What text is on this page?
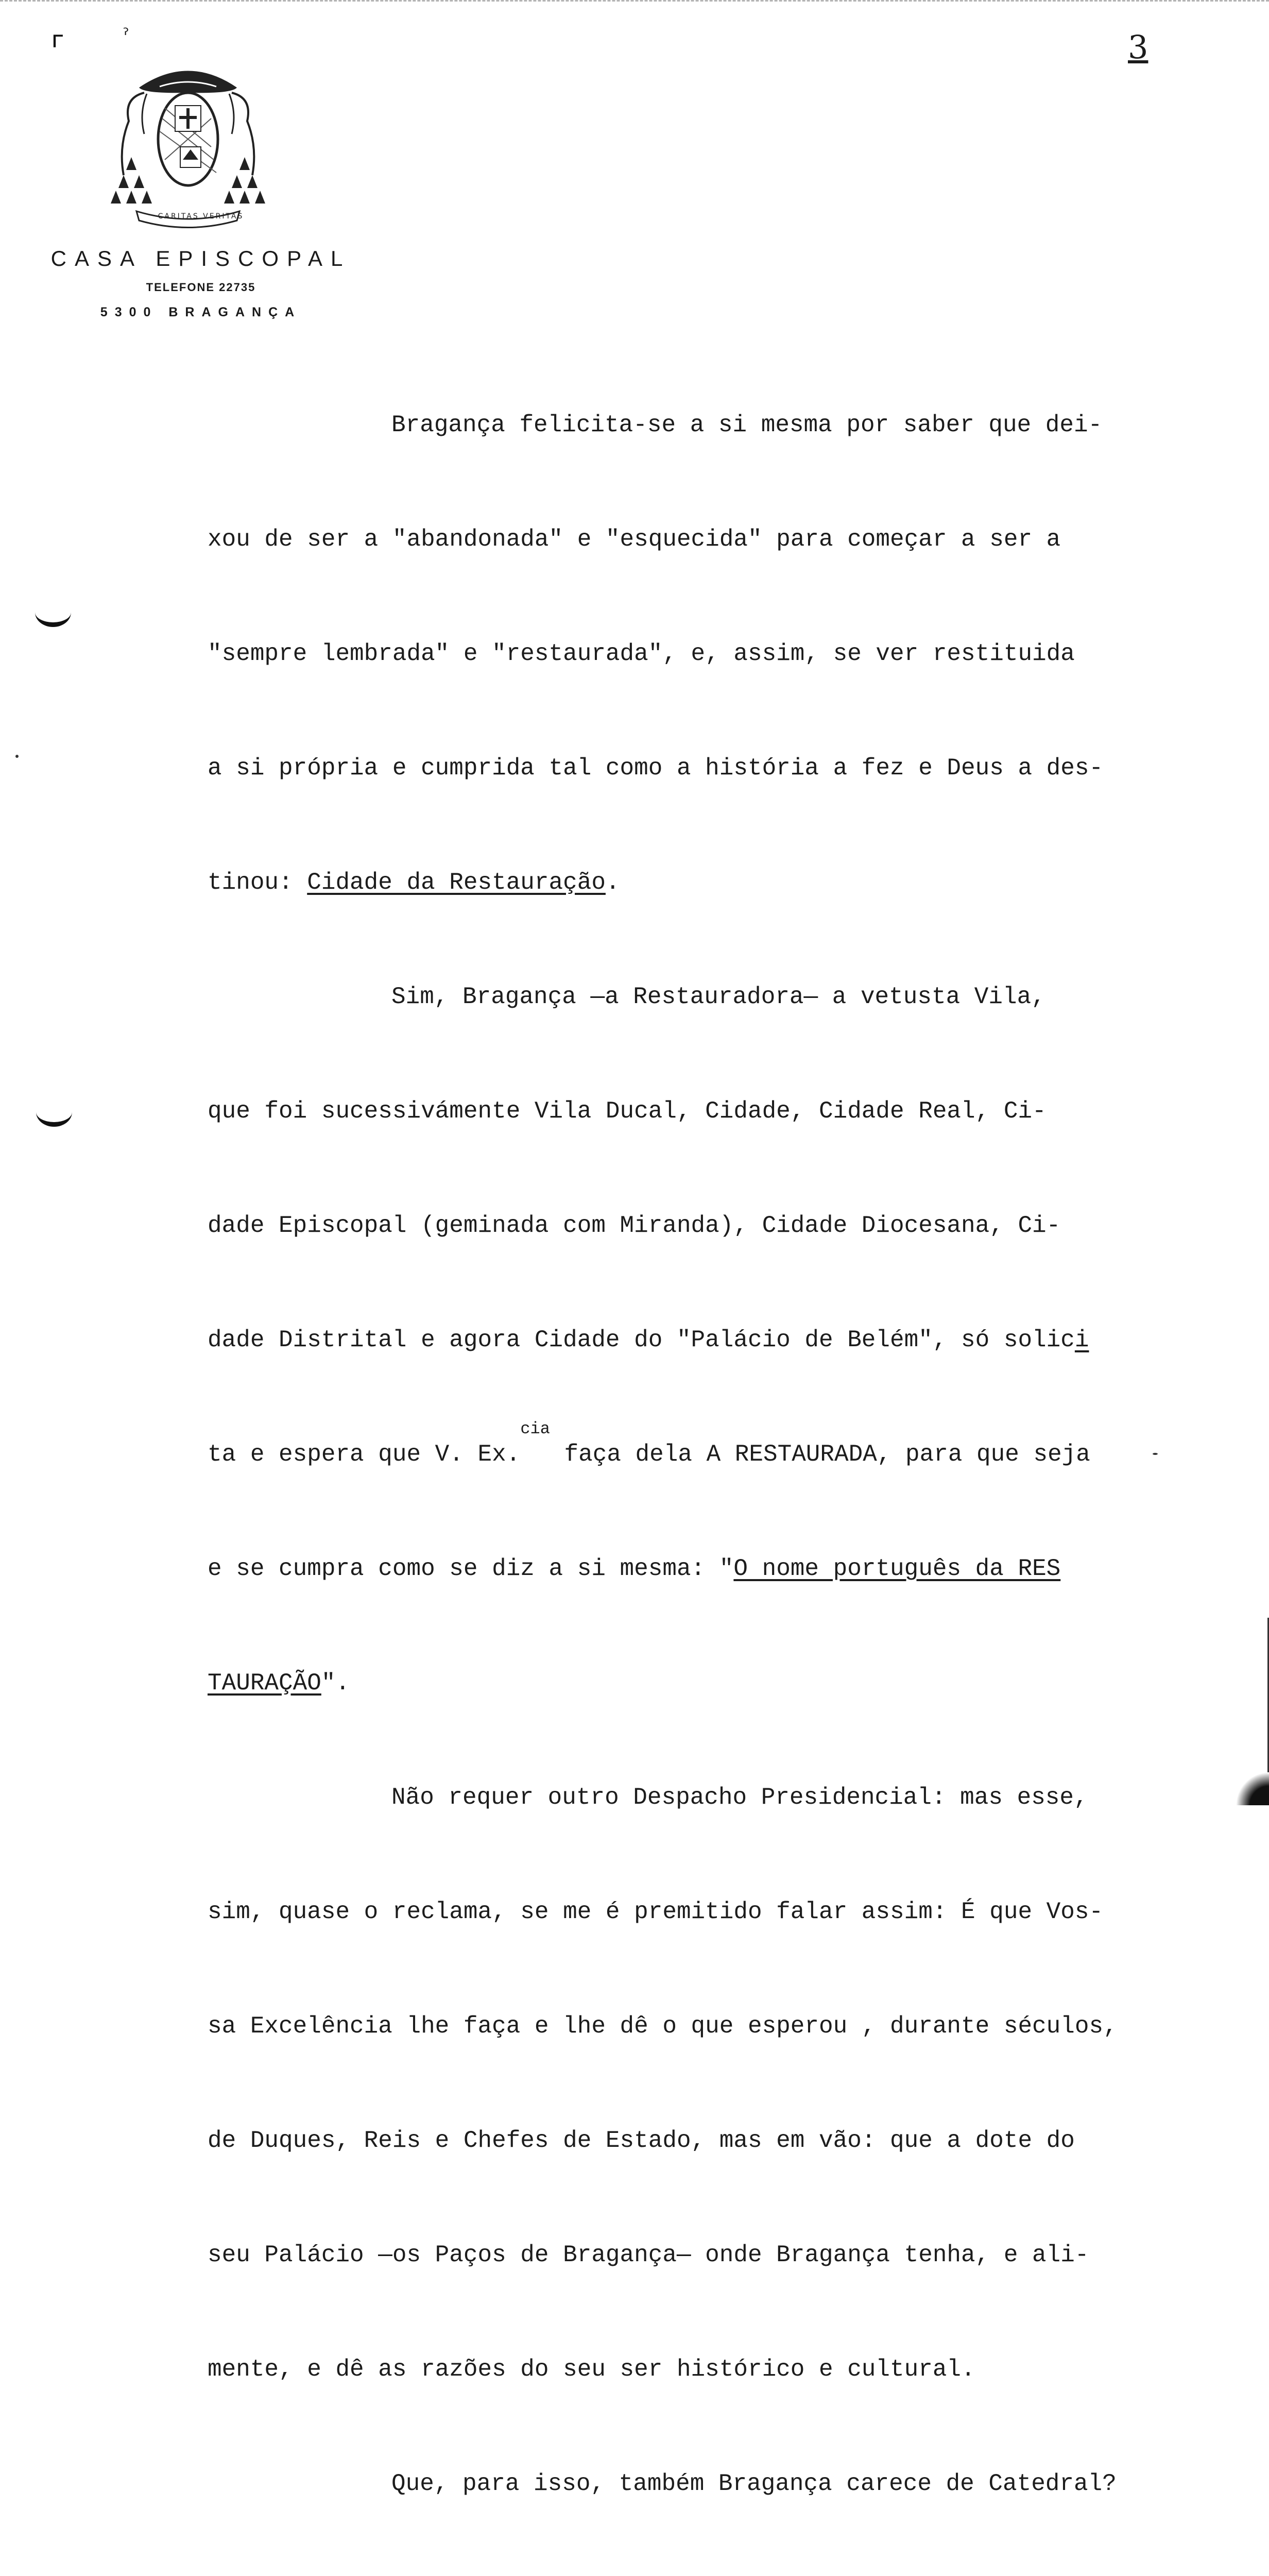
ᴦ	ˀ	3
CARITAS VERITAS
CASA EPISCOPAL
TELEFONE 22735
5300 BRAGANÇA

Bragança felicita-se a si mesma por saber que dei-

xou de ser a "abandonada" e "esquecida" para começar a ser a

"sempre lembrada" e "restaurada", e, assim, se ver restituida

a si própria e cumprida tal como a história a fez e Deus a des-

tinou: Cidade da Restauração.

Sim, Bragança —a Restauradora— a vetusta Vila,

que foi sucessivámente Vila Ducal, Cidade, Cidade Real, Ci-

dade Episcopal (geminada com Miranda), Cidade Diocesana, Ci-

dade Distrital e agora Cidade do "Palácio de Belém", só solici

ta e espera que V. Ex.$^{cia}$ faça dela A RESTAURADA, para que seja

e se cumpra como se diz a si mesma: "O nome português da RES

TAURAÇÃO".

Não requer outro Despacho Presidencial: mas esse,

sim, quase o reclama, se me é premitido falar assim: É que Vos-

sa Excelência lhe faça e lhe dê o que esperou , durante séculos,

de Duques, Reis e Chefes de Estado, mas em vão: que a dote do

seu Palácio —os Paços de Bragança— onde Bragança tenha, e ali-

mente, e dê as razões do seu ser histórico e cultural.

Que, para isso, também Bragança carece de Catedral?
